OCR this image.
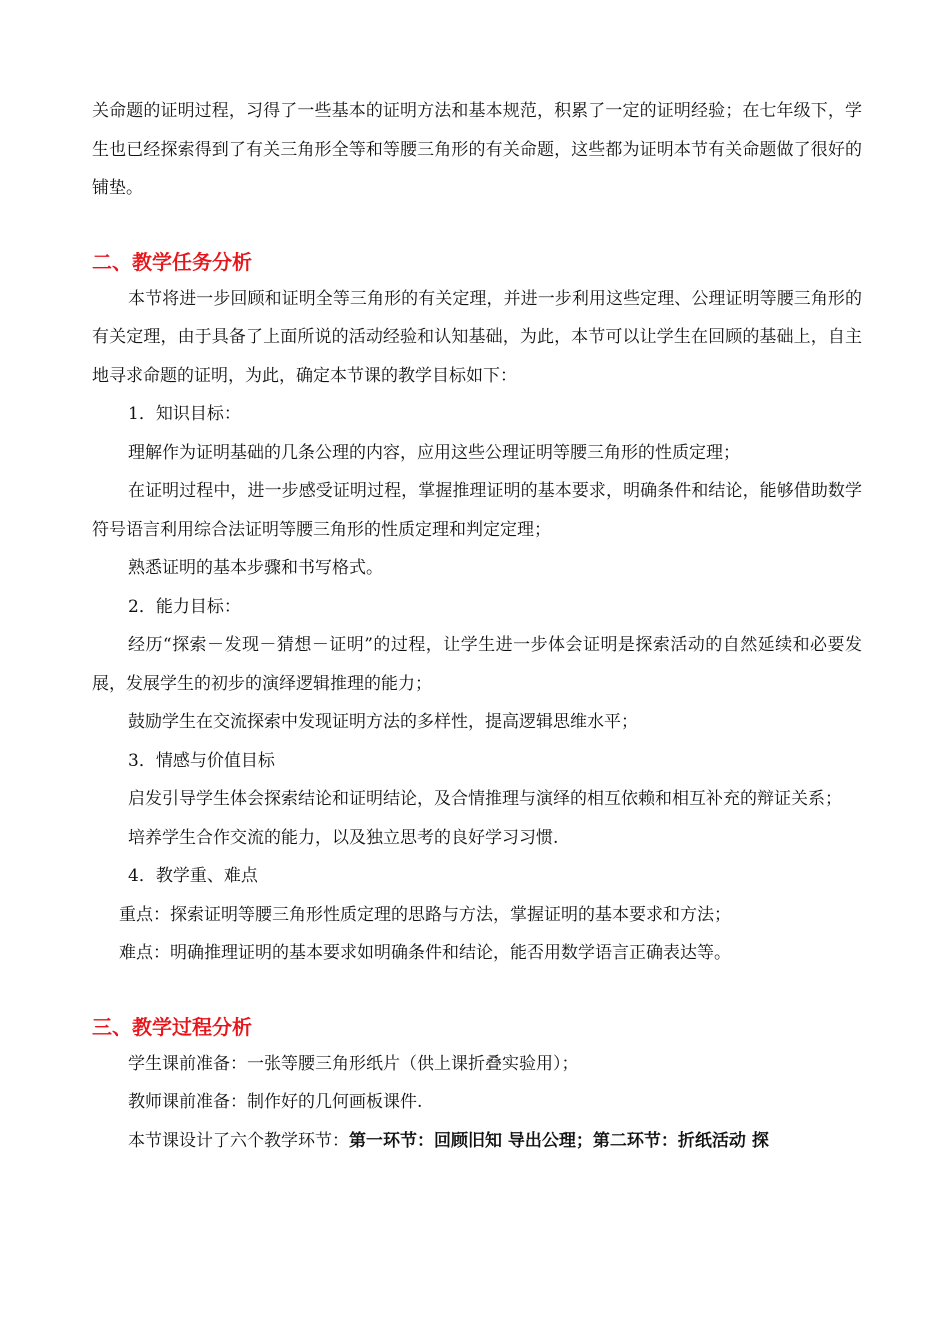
关命题的证明过程，习得了一些基本的证明方法和基本规范，积累了一定的证明经验；在七年级下，学生也已经探索得到了有关三角形全等和等腰三角形的有关命题，这些都为证明本节有关命题做了很好的铺垫。

二、教学任务分析

本节将进一步回顾和证明全等三角形的有关定理，并进一步利用这些定理、公理证明等腰三角形的有关定理，由于具备了上面所说的活动经验和认知基础，为此，本节可以让学生在回顾的基础上，自主地寻求命题的证明，为此，确定本节课的教学目标如下：

1．知识目标：

理解作为证明基础的几条公理的内容，应用这些公理证明等腰三角形的性质定理；

在证明过程中，进一步感受证明过程，掌握推理证明的基本要求，明确条件和结论，能够借助数学符号语言利用综合法证明等腰三角形的性质定理和判定定理；

熟悉证明的基本步骤和书写格式。

2．能力目标：

经历“探索－发现－猜想－证明”的过程，让学生进一步体会证明是探索活动的自然延续和必要发展，发展学生的初步的演绎逻辑推理的能力；

鼓励学生在交流探索中发现证明方法的多样性，提高逻辑思维水平；

3．情感与价值目标

启发引导学生体会探索结论和证明结论，及合情推理与演绎的相互依赖和相互补充的辩证关系；

培养学生合作交流的能力，以及独立思考的良好学习习惯.

4．教学重、难点

重点：探索证明等腰三角形性质定理的思路与方法，掌握证明的基本要求和方法；

难点：明确推理证明的基本要求如明确条件和结论，能否用数学语言正确表达等。

三、教学过程分析

学生课前准备：一张等腰三角形纸片（供上课折叠实验用）；

教师课前准备：制作好的几何画板课件.

本节课设计了六个教学环节：第一环节：回顾旧知 导出公理；第二环节：折纸活动 探
